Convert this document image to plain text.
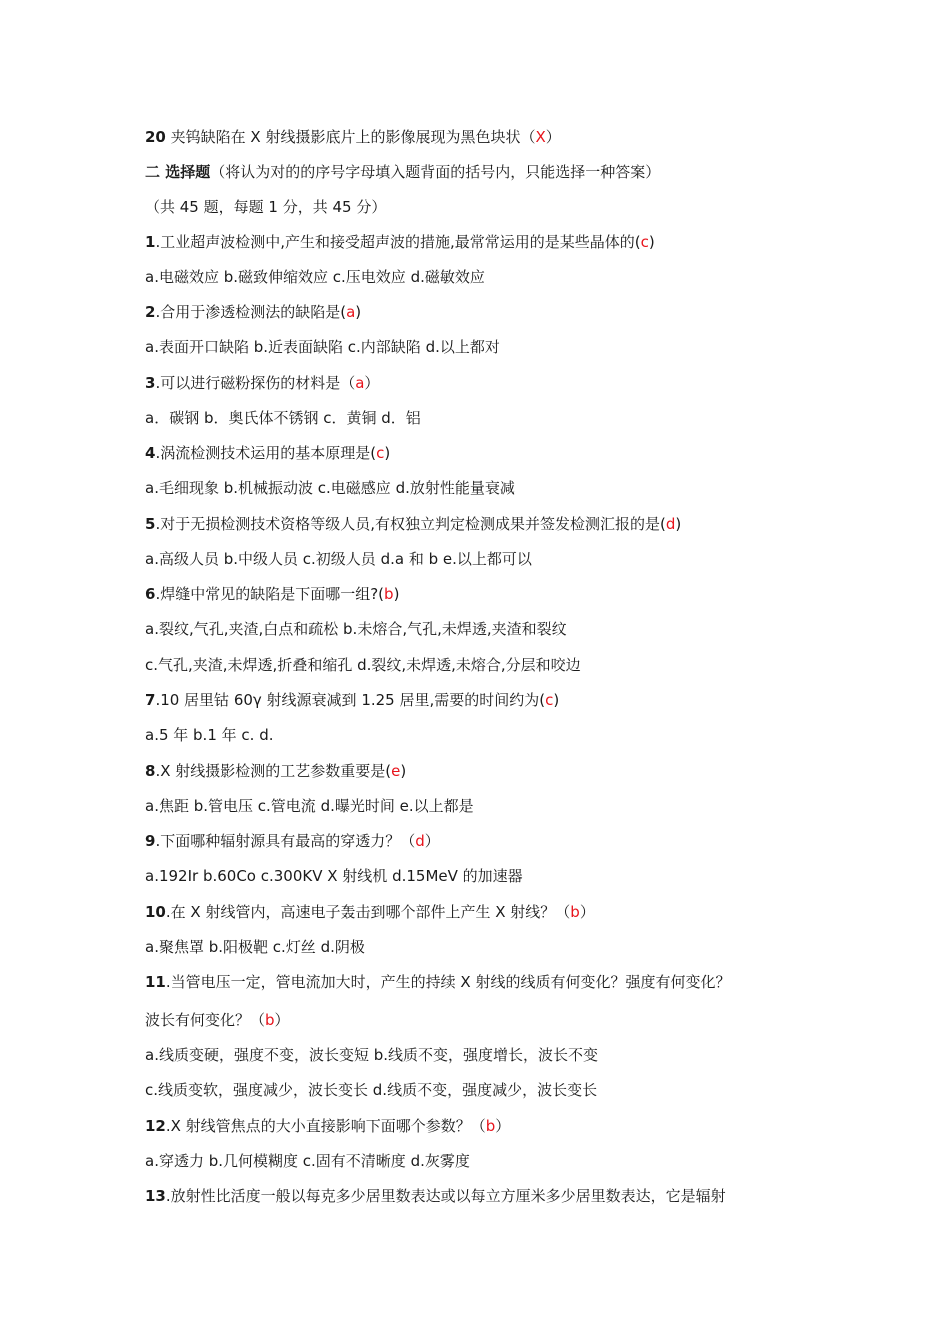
20 夹钨缺陷在 X 射线摄影底片上的影像展现为黑色块状（X）
二 选择题（将认为对的的序号字母填入题背面的括号内，只能选择一种答案）
（共 45 题，每题 1 分，共 45 分）
1.工业超声波检测中,产生和接受超声波的措施,最常常运用的是某些晶体的(c)
a.电磁效应 b.磁致伸缩效应 c.压电效应 d.磁敏效应
2.合用于渗透检测法的缺陷是(a)
a.表面开口缺陷 b.近表面缺陷 c.内部缺陷 d.以上都对
3.可以进行磁粉探伤的材料是（a）
a．碳钢 b．奥氏体不锈钢 c．黄铜 d．铝
4.涡流检测技术运用的基本原理是(c)
a.毛细现象 b.机械振动波 c.电磁感应 d.放射性能量衰减
5.对于无损检测技术资格等级人员,有权独立判定检测成果并签发检测汇报的是(d)
a.高级人员 b.中级人员 c.初级人员 d.a 和 b e.以上都可以
6.焊缝中常见的缺陷是下面哪一组?(b)
a.裂纹,气孔,夹渣,白点和疏松 b.未熔合,气孔,未焊透,夹渣和裂纹
c.气孔,夹渣,未焊透,折叠和缩孔 d.裂纹,未焊透,未熔合,分层和咬边
7.10 居里钴 60γ 射线源衰减到 1.25 居里,需要的时间约为(c)
a.5 年 b.1 年 c. d.
8.X 射线摄影检测的工艺参数重要是(e)
a.焦距 b.管电压 c.管电流 d.曝光时间 e.以上都是
9.下面哪种辐射源具有最高的穿透力？（d）
a.192Ir b.60Co c.300KV X 射线机 d.15MeV 的加速器
10.在 X 射线管内，高速电子轰击到哪个部件上产生 X 射线？（b）
a.聚焦罩 b.阳极靶 c.灯丝 d.阴极
11.当管电压一定，管电流加大时，产生的持续 X 射线的线质有何变化？强度有何变化？
波长有何变化？（b）
a.线质变硬，强度不变，波长变短 b.线质不变，强度增长，波长不变
c.线质变软，强度减少，波长变长 d.线质不变，强度减少，波长变长
12.X 射线管焦点的大小直接影响下面哪个参数？（b）
a.穿透力 b.几何模糊度 c.固有不清晰度 d.灰雾度
13.放射性比活度一般以每克多少居里数表达或以每立方厘米多少居里数表达，它是辐射
